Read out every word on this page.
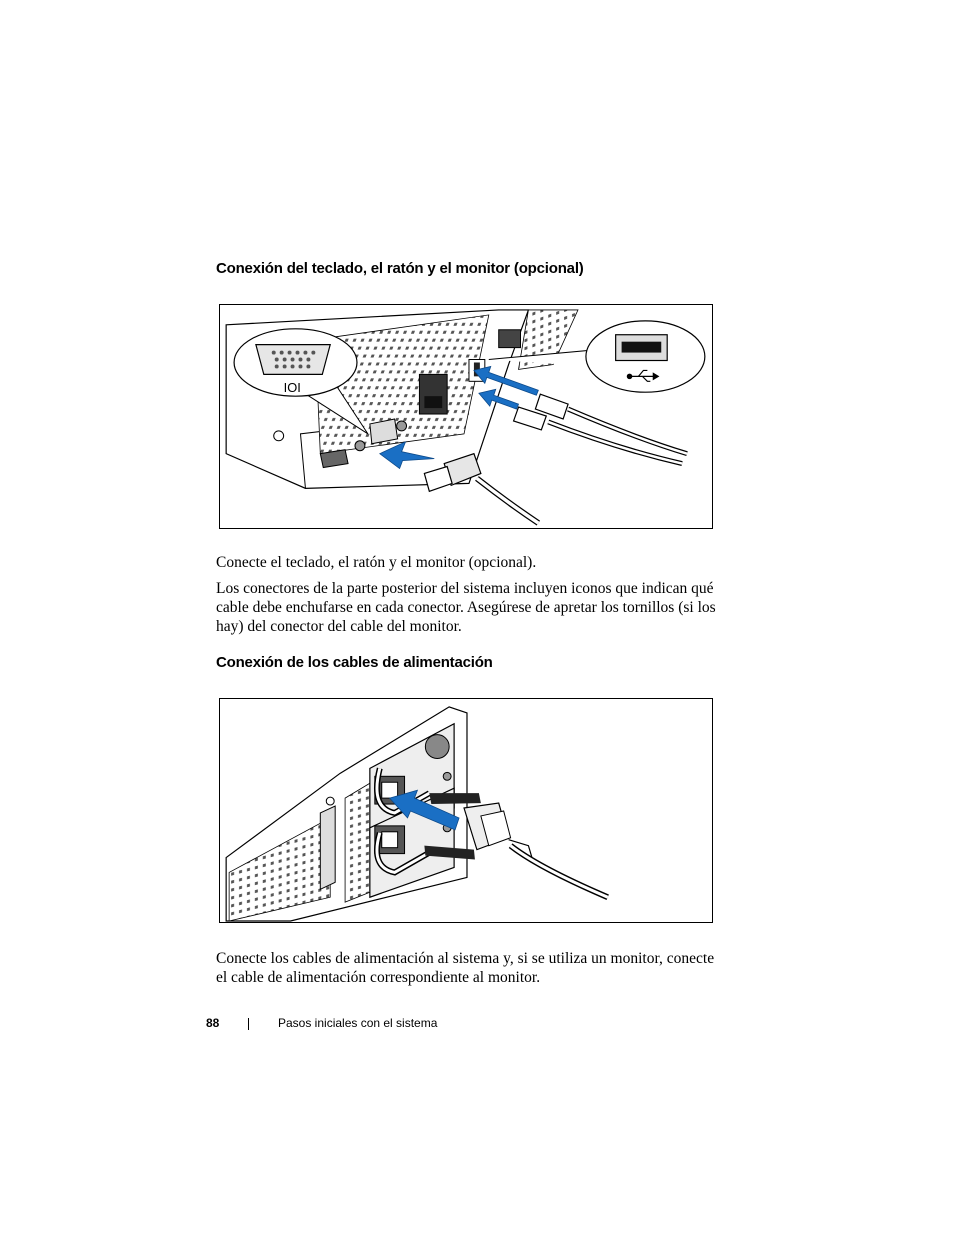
Conexión del teclado, el ratón y el monitor (opcional)
IOI

Conecte el teclado, el ratón y el monitor (opcional).

Los conectores de la parte posterior del sistema incluyen iconos que indican qué cable debe enchufarse en cada conector. Asegúrese de apretar los tornillos (si los hay) del conector del cable del monitor.

Conexión de los cables de alimentación

Conecte los cables de alimentación al sistema y, si se utiliza un monitor, conecte el cable de alimentación correspondiente al monitor.

88	Pasos iniciales con el sistema
